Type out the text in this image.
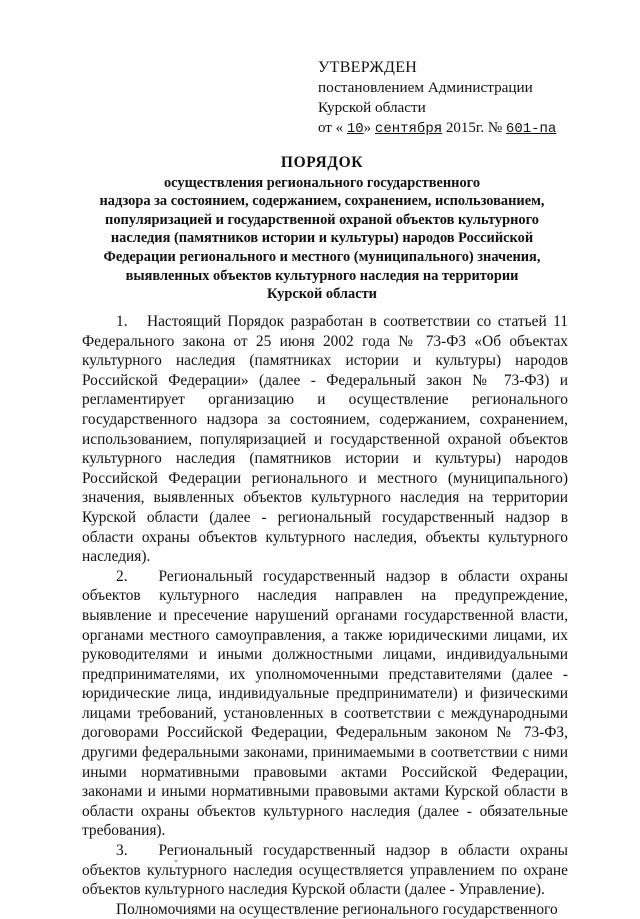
УТВЕРЖДЕН
постановлением Администрации
Курской области
от « 10» сентября 2015г. № 601-па
ПОРЯДОК
осуществления регионального государственного
надзора за состоянием, содержанием, сохранением, использованием,
популяризацией и государственной охраной объектов культурного
наследия (памятников истории и культуры) народов Российской
Федерации регионального и местного (муниципального) значения,
выявленных объектов культурного наследия на территории
Курской области

1.   Настоящий Порядок разработан в соответствии со статьей 11 Федерального закона от 25 июня 2002 года № 73-ФЗ «Об объектах культурного наследия (памятниках истории и культуры) народов Российской Федерации» (далее - Федеральный закон № 73-ФЗ) и регламентирует организацию и осуществление регионального государственного надзора за состоянием, содержанием, сохранением, использованием, популяризацией и государственной охраной объектов культурного наследия (памятников истории и культуры) народов Российской Федерации регионального и местного (муниципального) значения, выявленных объектов культурного наследия на территории Курской области (далее - региональный государственный надзор в области охраны объектов культурного наследия, объекты культурного наследия).

2.   Региональный государственный надзор в области охраны объектов культурного наследия направлен на предупреждение, выявление и пресечение нарушений органами государственной власти, органами местного самоуправления, а также юридическими лицами, их руководителями и иными должностными лицами, индивидуальными предпринимателями, их уполномоченными представителями (далее - юридические лица, индивидуальные предприниматели) и физическими лицами требований, установленных в соответствии с международными договорами Российской Федерации, Федеральным законом № 73-ФЗ, другими федеральными законами, принимаемыми в соответствии с ними иными нормативными правовыми актами Российской Федерации, законами и иными нормативными правовыми актами Курской области в области охраны объектов культурного наследия (далее - обязательные требования).

3.   Региональный государственный надзор в области охраны объектов культурного наследия осуществляется управлением по охране объектов культурного наследия Курской области (далее - Управление).

Полномочиями на осуществление регионального государственного
